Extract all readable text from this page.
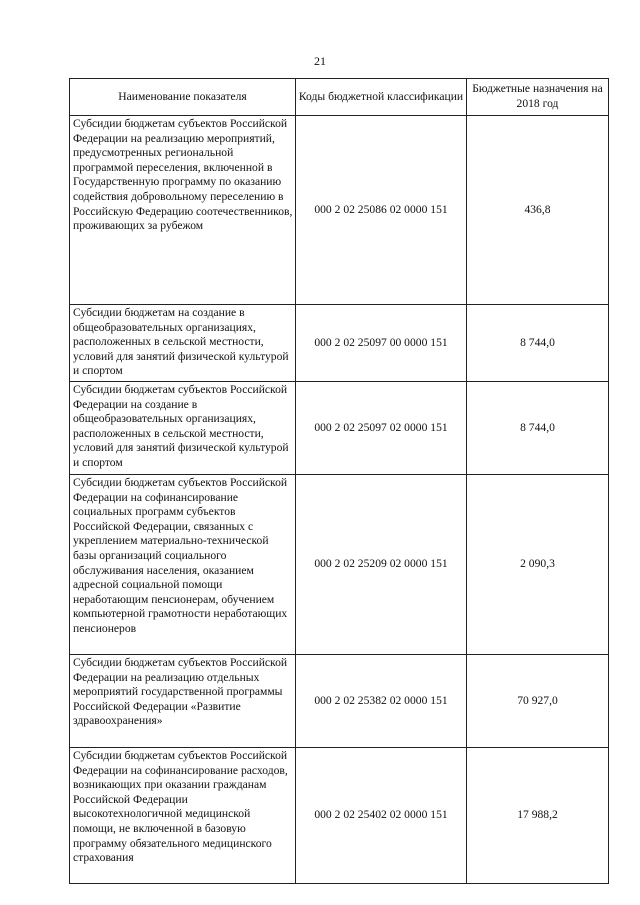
21
Наименование показателя	Коды бюджетной классификации	Бюджетные назначения на 2018 год
Субсидии бюджетам субъектов Российской Федерации на реализацию мероприятий, предусмотренных региональной программой переселения, включенной в Государственную программу по оказанию содействия добровольному переселению в Российскую Федерацию соотечественников, проживающих за рубежом	000 2 02 25086 02 0000 151	436,8
Субсидии бюджетам на создание в общеобразовательных организациях, расположенных в сельской местности, условий для занятий физической культурой и спортом	000 2 02 25097 00 0000 151	8 744,0
Субсидии бюджетам субъектов Российской Федерации на создание в общеобразовательных организациях, расположенных в сельской местности, условий для занятий физической культурой и спортом	000 2 02 25097 02 0000 151	8 744,0
Субсидии бюджетам субъектов Российской Федерации на софинансирование социальных программ субъектов Российской Федерации, связанных с укреплением материально-технической базы организаций социального обслуживания населения, оказанием адресной социальной помощи неработающим пенсионерам, обучением компьютерной грамотности неработающих пенсионеров	000 2 02 25209 02 0000 151	2 090,3
Субсидии бюджетам субъектов Российской Федерации на реализацию отдельных мероприятий государственной программы Российской Федерации «Развитие здравоохранения»	000 2 02 25382 02 0000 151	70 927,0
Субсидии бюджетам субъектов Российской Федерации на софинансирование расходов, возникающих при оказании гражданам Российской Федерации высокотехнологичной медицинской помощи, не включенной в базовую программу обязательного медицинского страхования	000 2 02 25402 02 0000 151	17 988,2
